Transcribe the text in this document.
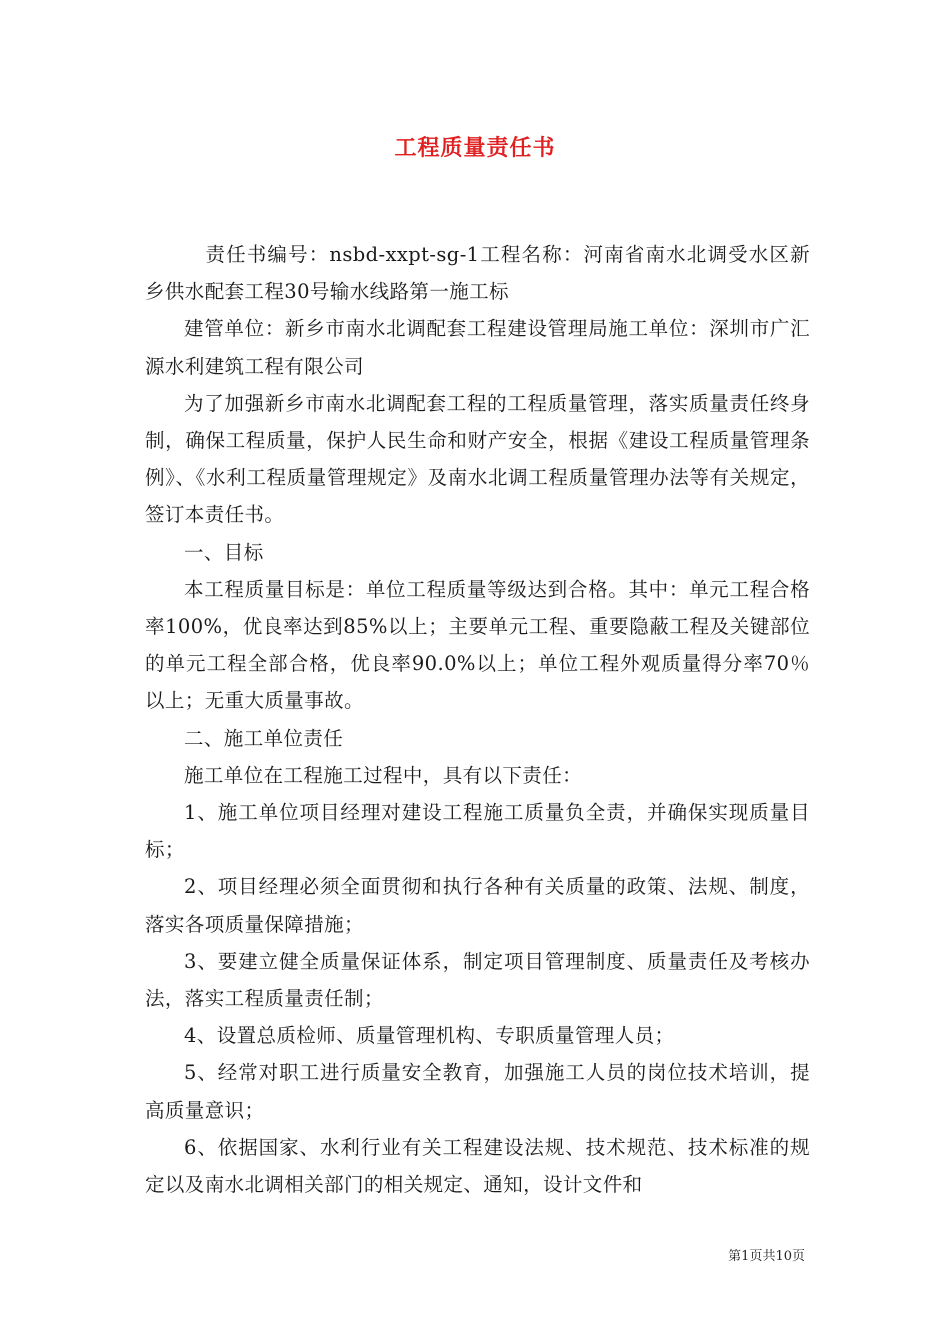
工程质量责任书

责任书编号：nsbd-xxpt-sg-1工程名称：河南省南水北调受水区新乡供水配套工程30号输水线路第一施工标

建管单位：新乡市南水北调配套工程建设管理局施工单位：深圳市广汇源水利建筑工程有限公司

为了加强新乡市南水北调配套工程的工程质量管理，落实质量责任终身制，确保工程质量，保护人民生命和财产安全，根据《建设工程质量管理条例》、《水利工程质量管理规定》及南水北调工程质量管理办法等有关规定，签订本责任书。

一、目标

本工程质量目标是：单位工程质量等级达到合格。其中：单元工程合格率100%，优良率达到85%以上；主要单元工程、重要隐蔽工程及关键部位的单元工程全部合格，优良率90.0%以上；单位工程外观质量得分率70％以上；无重大质量事故。

二、施工单位责任

施工单位在工程施工过程中，具有以下责任：

1、施工单位项目经理对建设工程施工质量负全责，并确保实现质量目标；

2、项目经理必须全面贯彻和执行各种有关质量的政策、法规、制度，落实各项质量保障措施；

3、要建立健全质量保证体系，制定项目管理制度、质量责任及考核办法，落实工程质量责任制；

4、设置总质检师、质量管理机构、专职质量管理人员；

5、经常对职工进行质量安全教育，加强施工人员的岗位技术培训，提高质量意识；

6、依据国家、水利行业有关工程建设法规、技术规范、技术标准的规定以及南水北调相关部门的相关规定、通知，设计文件和

第1页共10页
